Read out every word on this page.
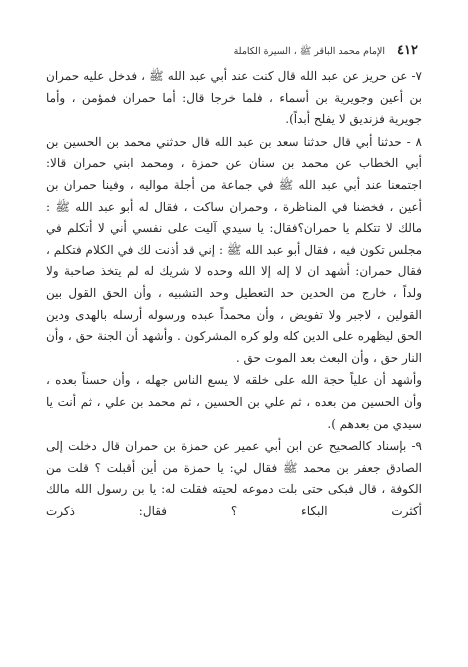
٤١٢
الإمام محمد الباقر ﷺ ، السيرة الكاملة

٧- عن حريز عن عبد الله قال كنت عند أبي عبد الله ﷺ ، فدخل عليه حمران بن أعين وجويرية بن أسماء ، فلما خرجا قال: أما حمران فمؤمن ، وأما جويرية فزنديق لا يفلح أبداً).

٨ - حدثنا أبي قال حدثنا سعد بن عبد الله قال حدثني محمد بن الحسين بن أبي الخطاب عن محمد بن سنان عن حمزة ، ومحمد ابني حمران قالا: اجتمعنا عند أبي عبد الله ﷺ في جماعة من أجلة مواليه ، وفينا حمران بن أعين ، فخضنا في المناظرة ، وحمران ساكت ، فقال له أبو عبد الله ﷺ : مالك لا تتكلم يا حمران؟فقال: يا سيدي آليت على نفسي أني لا أتكلم في مجلس تكون فيه ، فقال أبو عبد الله ﷺ : إني قد أذنت لك في الكلام فتكلم ، فقال حمران: أشهد ان لا إله إلا الله وحده لا شريك له لم يتخذ صاحبة ولا ولداً ، خارج من الحدين حد التعطيل وحد التشبيه ، وأن الحق القول بين القولين ، لاجبر ولا تفويض ، وأن محمداً عبده ورسوله أرسله بالهدى ودين الحق ليظهره على الدين كله ولو كره المشركون . وأشهد أن الجنة حق ، وأن النار حق ، وأن البعث بعد الموت حق .

وأشهد أن علياً حجة الله على خلقه لا يسع الناس جهله ، وأن حسناً بعده ، وأن الحسين من بعده ، ثم علي بن الحسين ، ثم محمد بن علي ، ثم أنت يا سيدي من بعدهم ).

٩- بإسناد كالصحيح عن ابن أبي عمير عن حمزة بن حمران قال دخلت إلى الصادق جعفر بن محمد ﷺ فقال لي: يا حمزة من أين أقبلت ؟ قلت من الكوفة ، قال فبكى حتى بلت دموعه لحيته فقلت له: يا بن رسول الله مالك أكثرت البكاء ؟ فقال: ذكرت
